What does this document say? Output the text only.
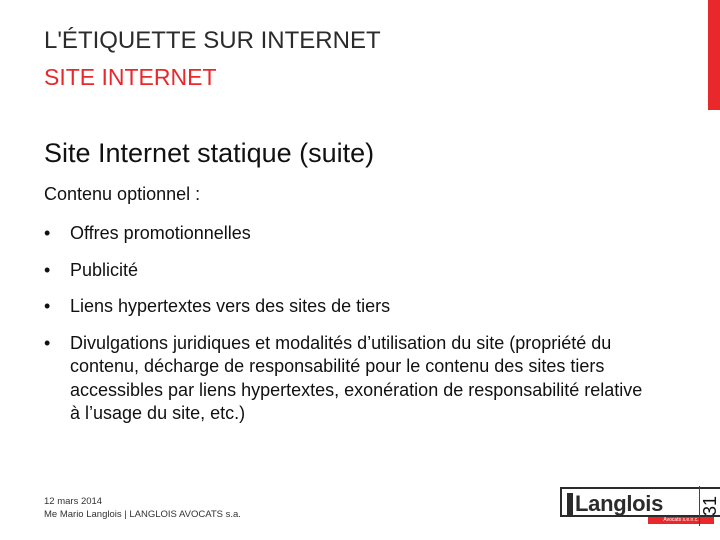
L'ÉTIQUETTE SUR INTERNET
SITE INTERNET
Site Internet statique (suite)
Contenu optionnel :
• Offres promotionnelles
• Publicité
• Liens hypertextes vers des sites de tiers
• Divulgations juridiques et modalités d’utilisation du site (propriété du contenu, décharge de responsabilité pour le contenu des sites tiers accessibles par liens hypertextes, exonération de responsabilité relative à l’usage du site, etc.)
12 mars 2014
Me Mario Langlois | LANGLOIS AVOCATS s.a.	Langlois
Avocats s.e.n.c.
31
